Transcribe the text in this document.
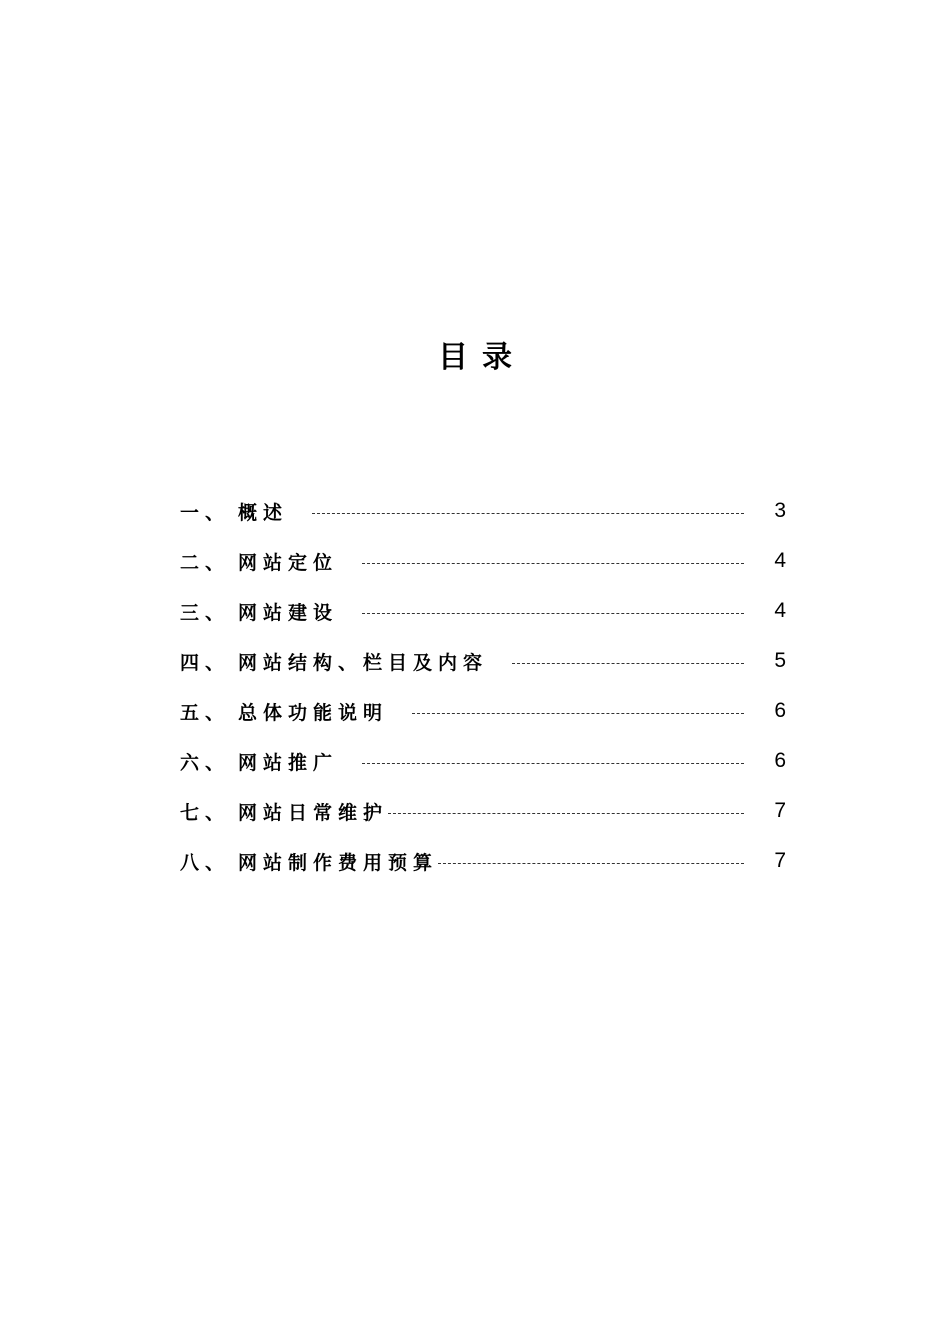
目录
一、 概述	3
二、 网站定位	4
三、 网站建设	4
四、 网站结构、栏目及内容	5
五、 总体功能说明	6
六、 网站推广	6
七、 网站日常维护	7
八、 网站制作费用预算	7
